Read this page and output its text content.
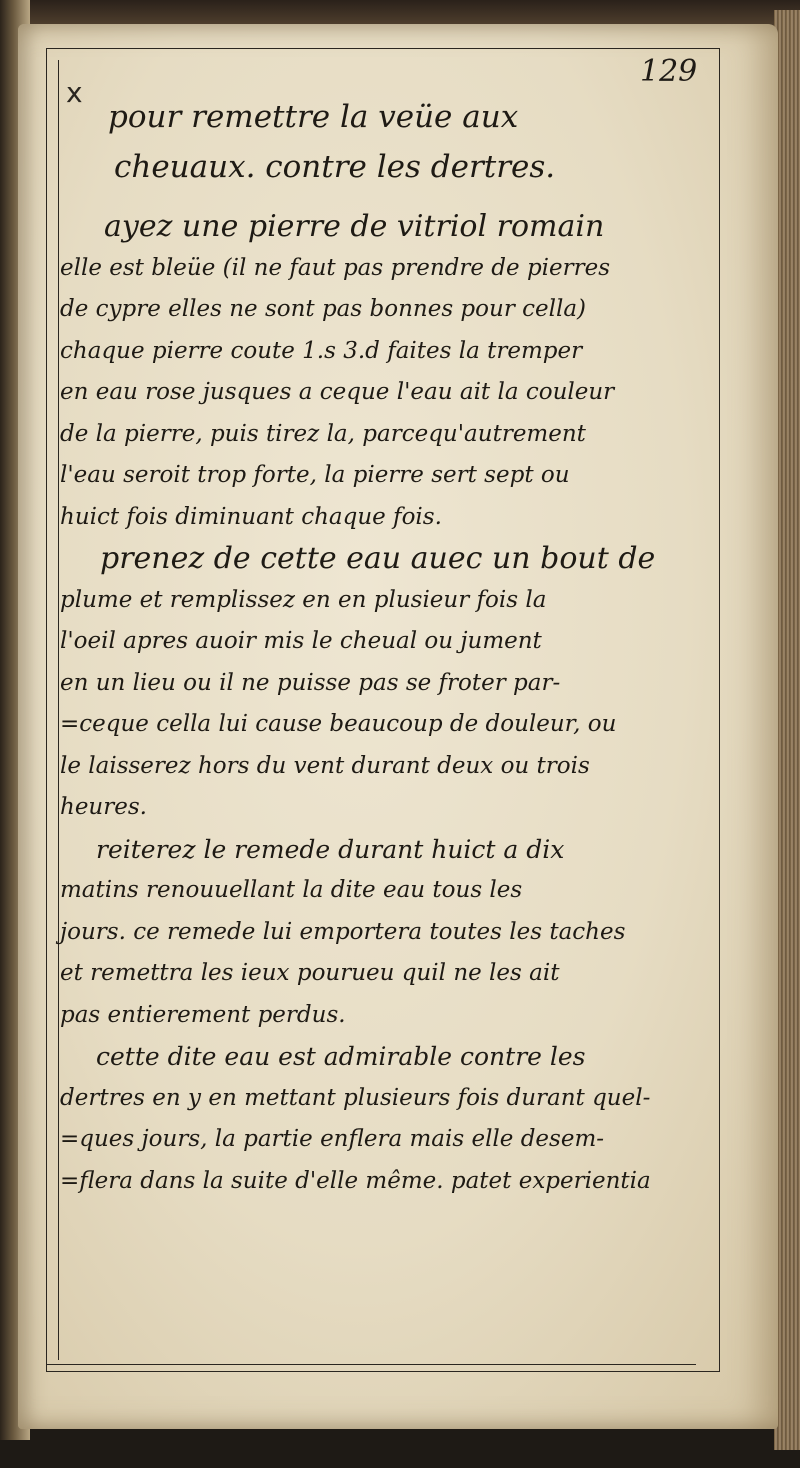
129
x

pour remettre la veüe aux

cheuaux. contre les dertres.

ayez une pierre de vitriol romain

elle est bleüe (il ne faut pas prendre de pierres

de cypre elles ne sont pas bonnes pour cella)

chaque pierre coute 1.s 3.d faites la tremper

en eau rose jusques a ceque l'eau ait la couleur

de la pierre, puis tirez la, parcequ'autrement

l'eau seroit trop forte, la pierre sert sept ou

huict fois diminuant chaque fois.

prenez de cette eau auec un bout de

plume et remplissez en en plusieur fois la

l'oeil apres auoir mis le cheual ou jument

en un lieu ou il ne puisse pas se froter par-

=ceque cella lui cause beaucoup de douleur, ou

le laisserez hors du vent durant deux ou trois

heures.

reiterez le remede durant huict a dix

matins renouuellant la dite eau tous les

jours. ce remede lui emportera toutes les taches

et remettra les ieux pourueu quil ne les ait

pas entierement perdus.

cette dite eau est admirable contre les

dertres en y en mettant plusieurs fois durant quel-

=ques jours, la partie enflera mais elle desem-

=flera dans la suite d'elle même. patet experientia
